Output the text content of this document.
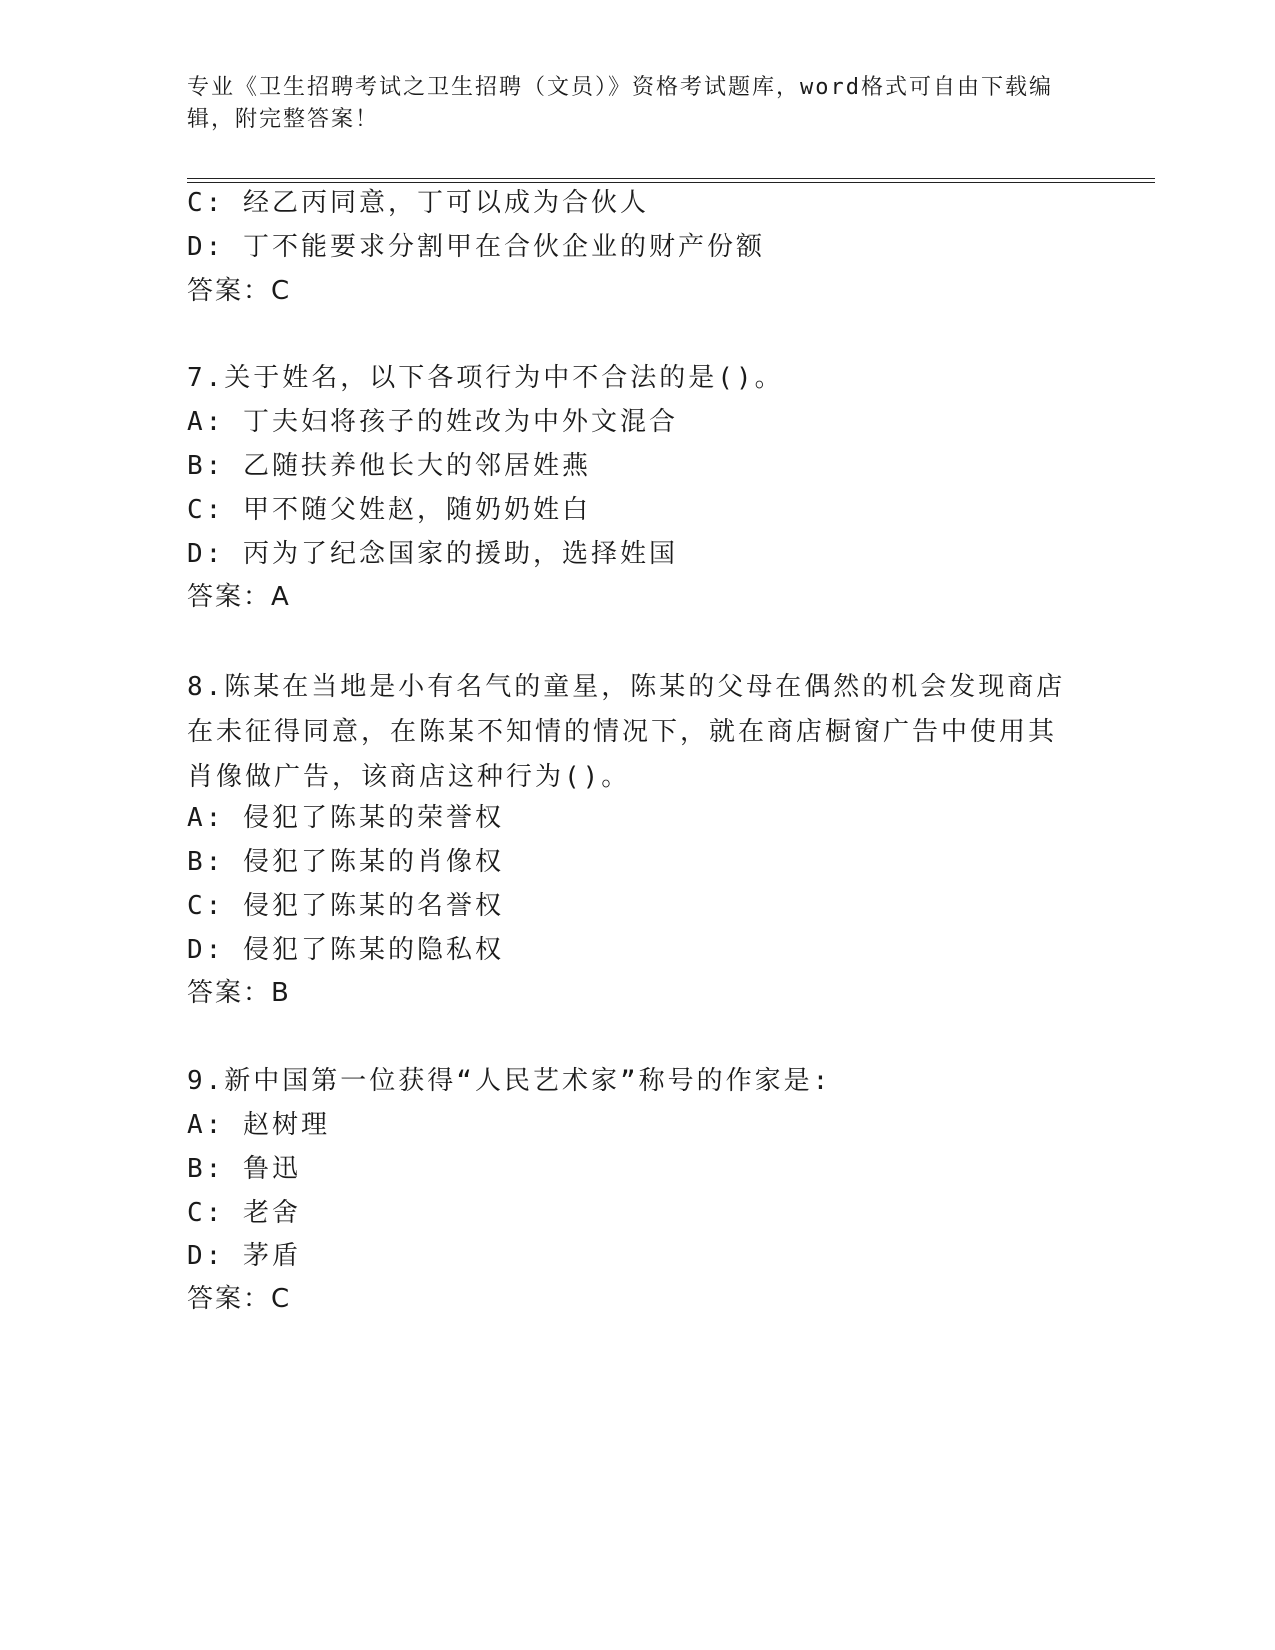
专业《卫生招聘考试之卫生招聘（文员）》资格考试题库，word格式可自由下载编辑，附完整答案！
C: 经乙丙同意，丁可以成为合伙人
D: 丁不能要求分割甲在合伙企业的财产份额
答案：C
7.关于姓名，以下各项行为中不合法的是()。
A: 丁夫妇将孩子的姓改为中外文混合
B: 乙随扶养他长大的邻居姓燕
C: 甲不随父姓赵，随奶奶姓白
D: 丙为了纪念国家的援助，选择姓国
答案：A
8.陈某在当地是小有名气的童星，陈某的父母在偶然的机会发现商店在未征得同意，在陈某不知情的情况下，就在商店橱窗广告中使用其肖像做广告，该商店这种行为()。
A: 侵犯了陈某的荣誉权
B: 侵犯了陈某的肖像权
C: 侵犯了陈某的名誉权
D: 侵犯了陈某的隐私权
答案：B
9.新中国第一位获得“人民艺术家”称号的作家是:
A: 赵树理
B: 鲁迅
C: 老舍
D: 茅盾
答案：C
